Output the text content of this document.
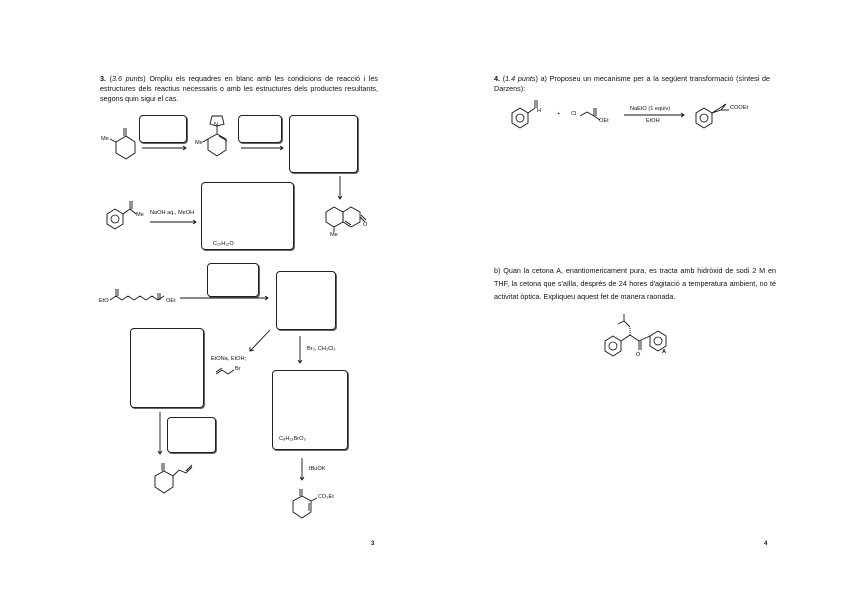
3. (3.6 punts) Ompliu els requadres en blanc amb les condicions de reacció i les estructures dels reactius necessaris o amb les estructures dels productes resultants, segons quin sigui el cas.
Me
N
Me
Me
O
Me NaOH aq., MeOH
C₁₀H₁₂O
EtO	OEt
EtONa, EtOH;
Br
Br₂, CH₂Cl₂
C₈H₁₃BrO₃
tBuOK
CO₂Et
3
4. (1.4 punts) a) Proposeu un mecanisme per a la següent transformació (síntesi de Darzens):
H	+ Cl
OEt
NaEtO (1 equiv)
EtOH
COOEt
b) Quan la cetona A, enantiomericament pura, es tracta amb hidròxid de sodi 2 M en THF, la cetona que s'aïlla, després de 24 hores d'agitació a temperatura ambient, no té activitat òptica. Expliqueu aquest fet de manera raonada.
A
O
4
